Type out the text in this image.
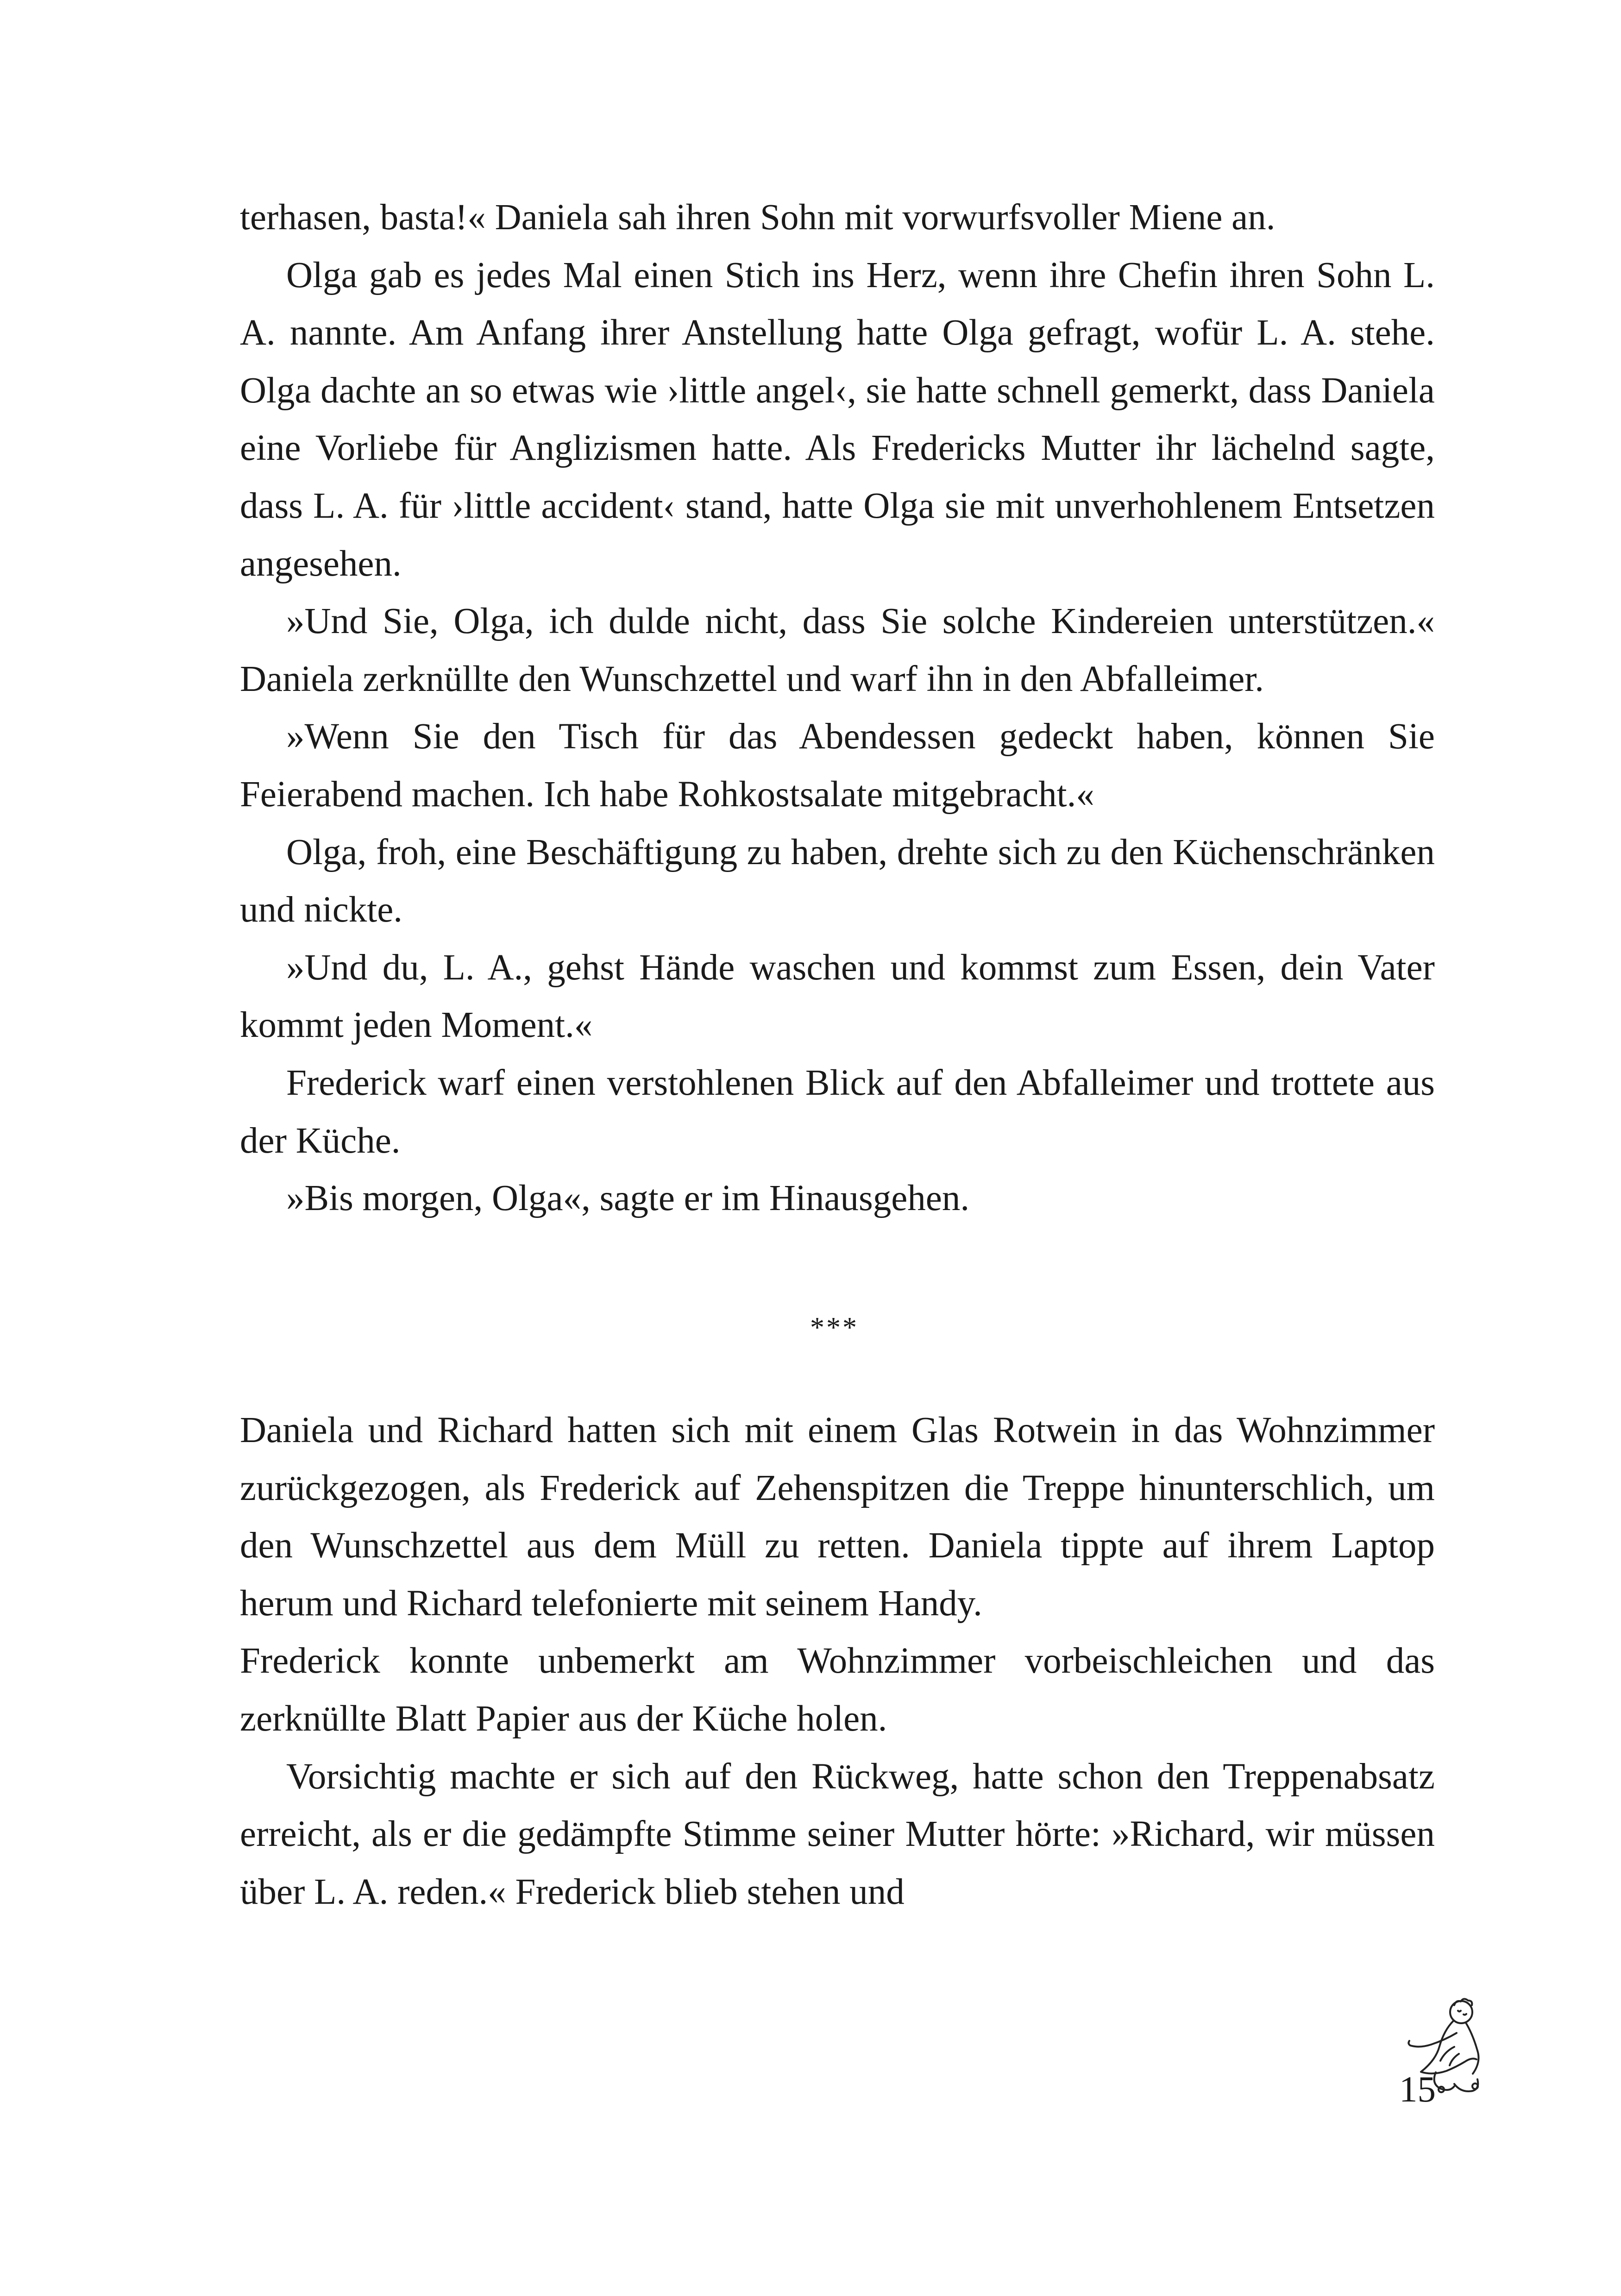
terhasen, basta!« Daniela sah ihren Sohn mit vorwurfsvoller Miene an.

Olga gab es jedes Mal einen Stich ins Herz, wenn ihre Chefin ihren Sohn L. A. nannte. Am Anfang ihrer Anstellung hatte Olga gefragt, wofür L. A. stehe. Olga dachte an so etwas wie ›little angel‹, sie hatte schnell gemerkt, dass Daniela eine Vorliebe für Anglizismen hatte. Als Fredericks Mutter ihr lächelnd sagte, dass L. A. für ›little accident‹ stand, hatte Olga sie mit unverhohlenem Entsetzen angesehen.

»Und Sie, Olga, ich dulde nicht, dass Sie solche Kindereien unterstützen.« Daniela zerknüllte den Wunschzettel und warf ihn in den Abfalleimer.

»Wenn Sie den Tisch für das Abendessen gedeckt haben, können Sie Feierabend machen. Ich habe Rohkostsalate mitgebracht.«

Olga, froh, eine Beschäftigung zu haben, drehte sich zu den Küchenschränken und nickte.

»Und du, L. A., gehst Hände waschen und kommst zum Essen, dein Vater kommt jeden Moment.«

Frederick warf einen verstohlenen Blick auf den Abfalleimer und trottete aus der Küche.

»Bis morgen, Olga«, sagte er im Hinausgehen.

***

Daniela und Richard hatten sich mit einem Glas Rotwein in das Wohnzimmer zurückgezogen, als Frederick auf Zehenspitzen die Treppe hinunterschlich, um den Wunschzettel aus dem Müll zu retten. Daniela tippte auf ihrem Laptop herum und Richard telefonierte mit seinem Handy.

Frederick konnte unbemerkt am Wohnzimmer vorbeischleichen und das zerknüllte Blatt Papier aus der Küche holen.

Vorsichtig machte er sich auf den Rückweg, hatte schon den Treppenabsatz erreicht, als er die gedämpfte Stimme seiner Mutter hörte: »Richard, wir müssen über L. A. reden.« Frederick blieb stehen und

15
